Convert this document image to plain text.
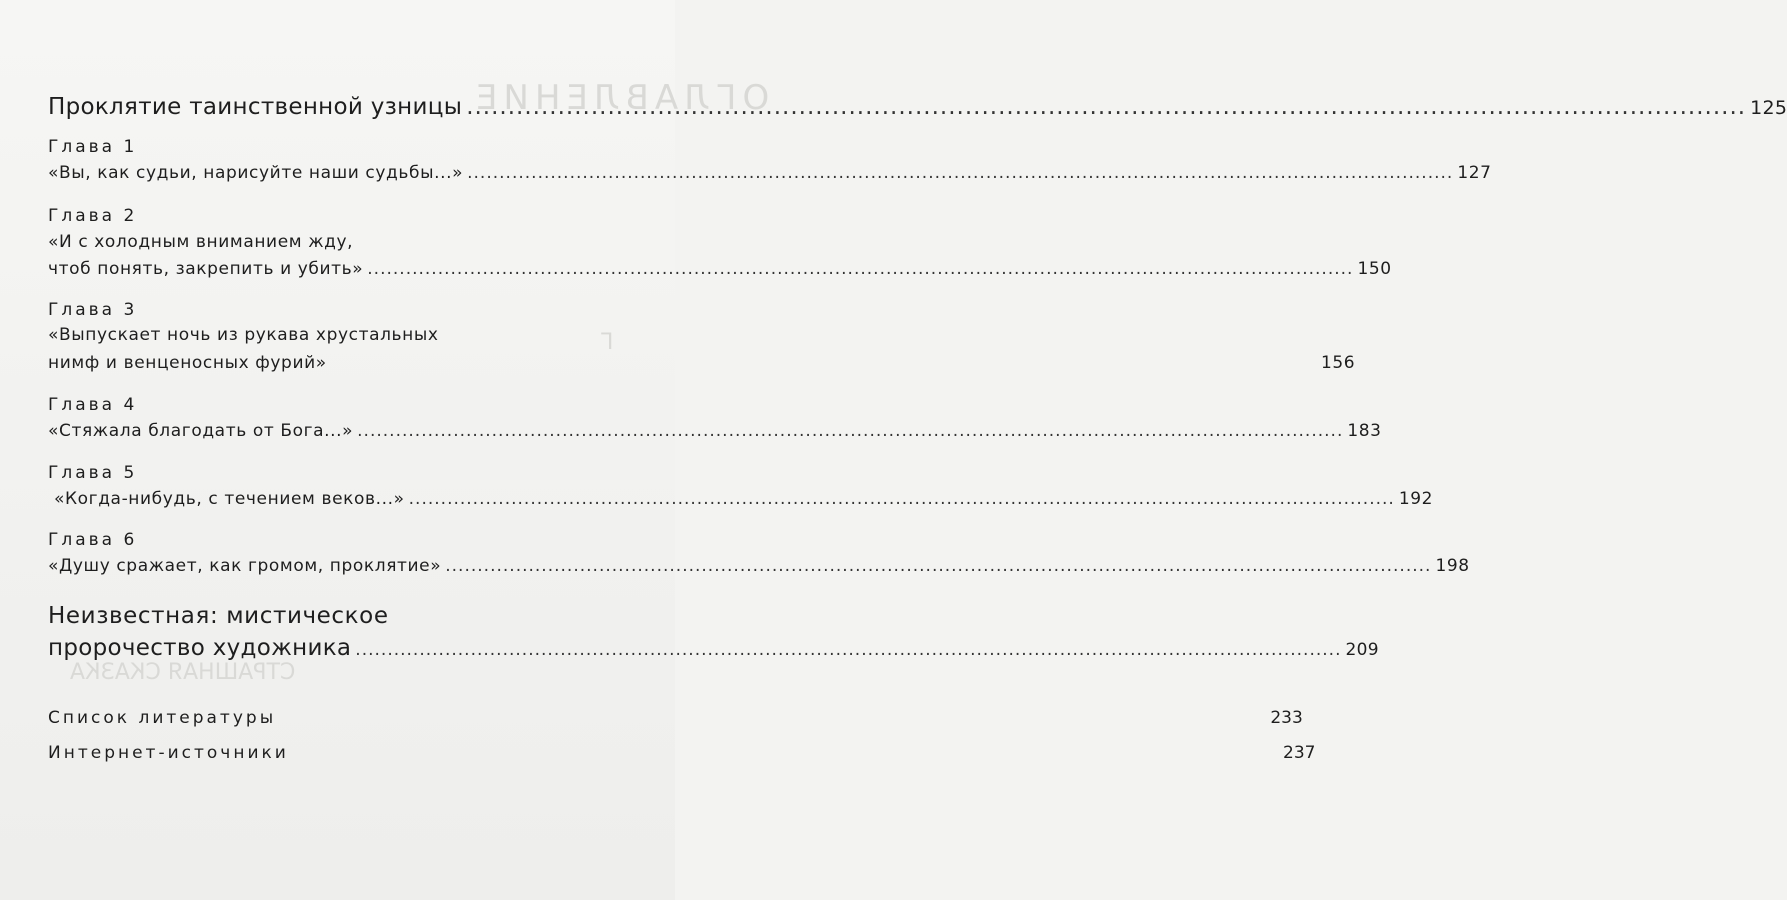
ОГЛАВЛЕНИЕ
Г
СТРАШНАЯ СКАЗКА
Проклятие таинственной узницы .....	125
Глава 1
«Вы, как судьи, нарисуйте наши судьбы...» .....	127
Глава 2
«И с холодным вниманием жду,
чтоб понять, закрепить и убить» .....	150
Глава 3
«Выпускает ночь из рукава хрустальных
нимф и венценосных фурий»	156
Глава 4
«Стяжала благодать от Бога...» .....	183
Глава 5
«Когда-нибудь, с течением веков...» .....	192
Глава 6
«Душу сражает, как громом, проклятие» .....	198
Неизвестная: мистическое
пророчество художника .....	209
Список литературы	233
Интернет-источники	237
